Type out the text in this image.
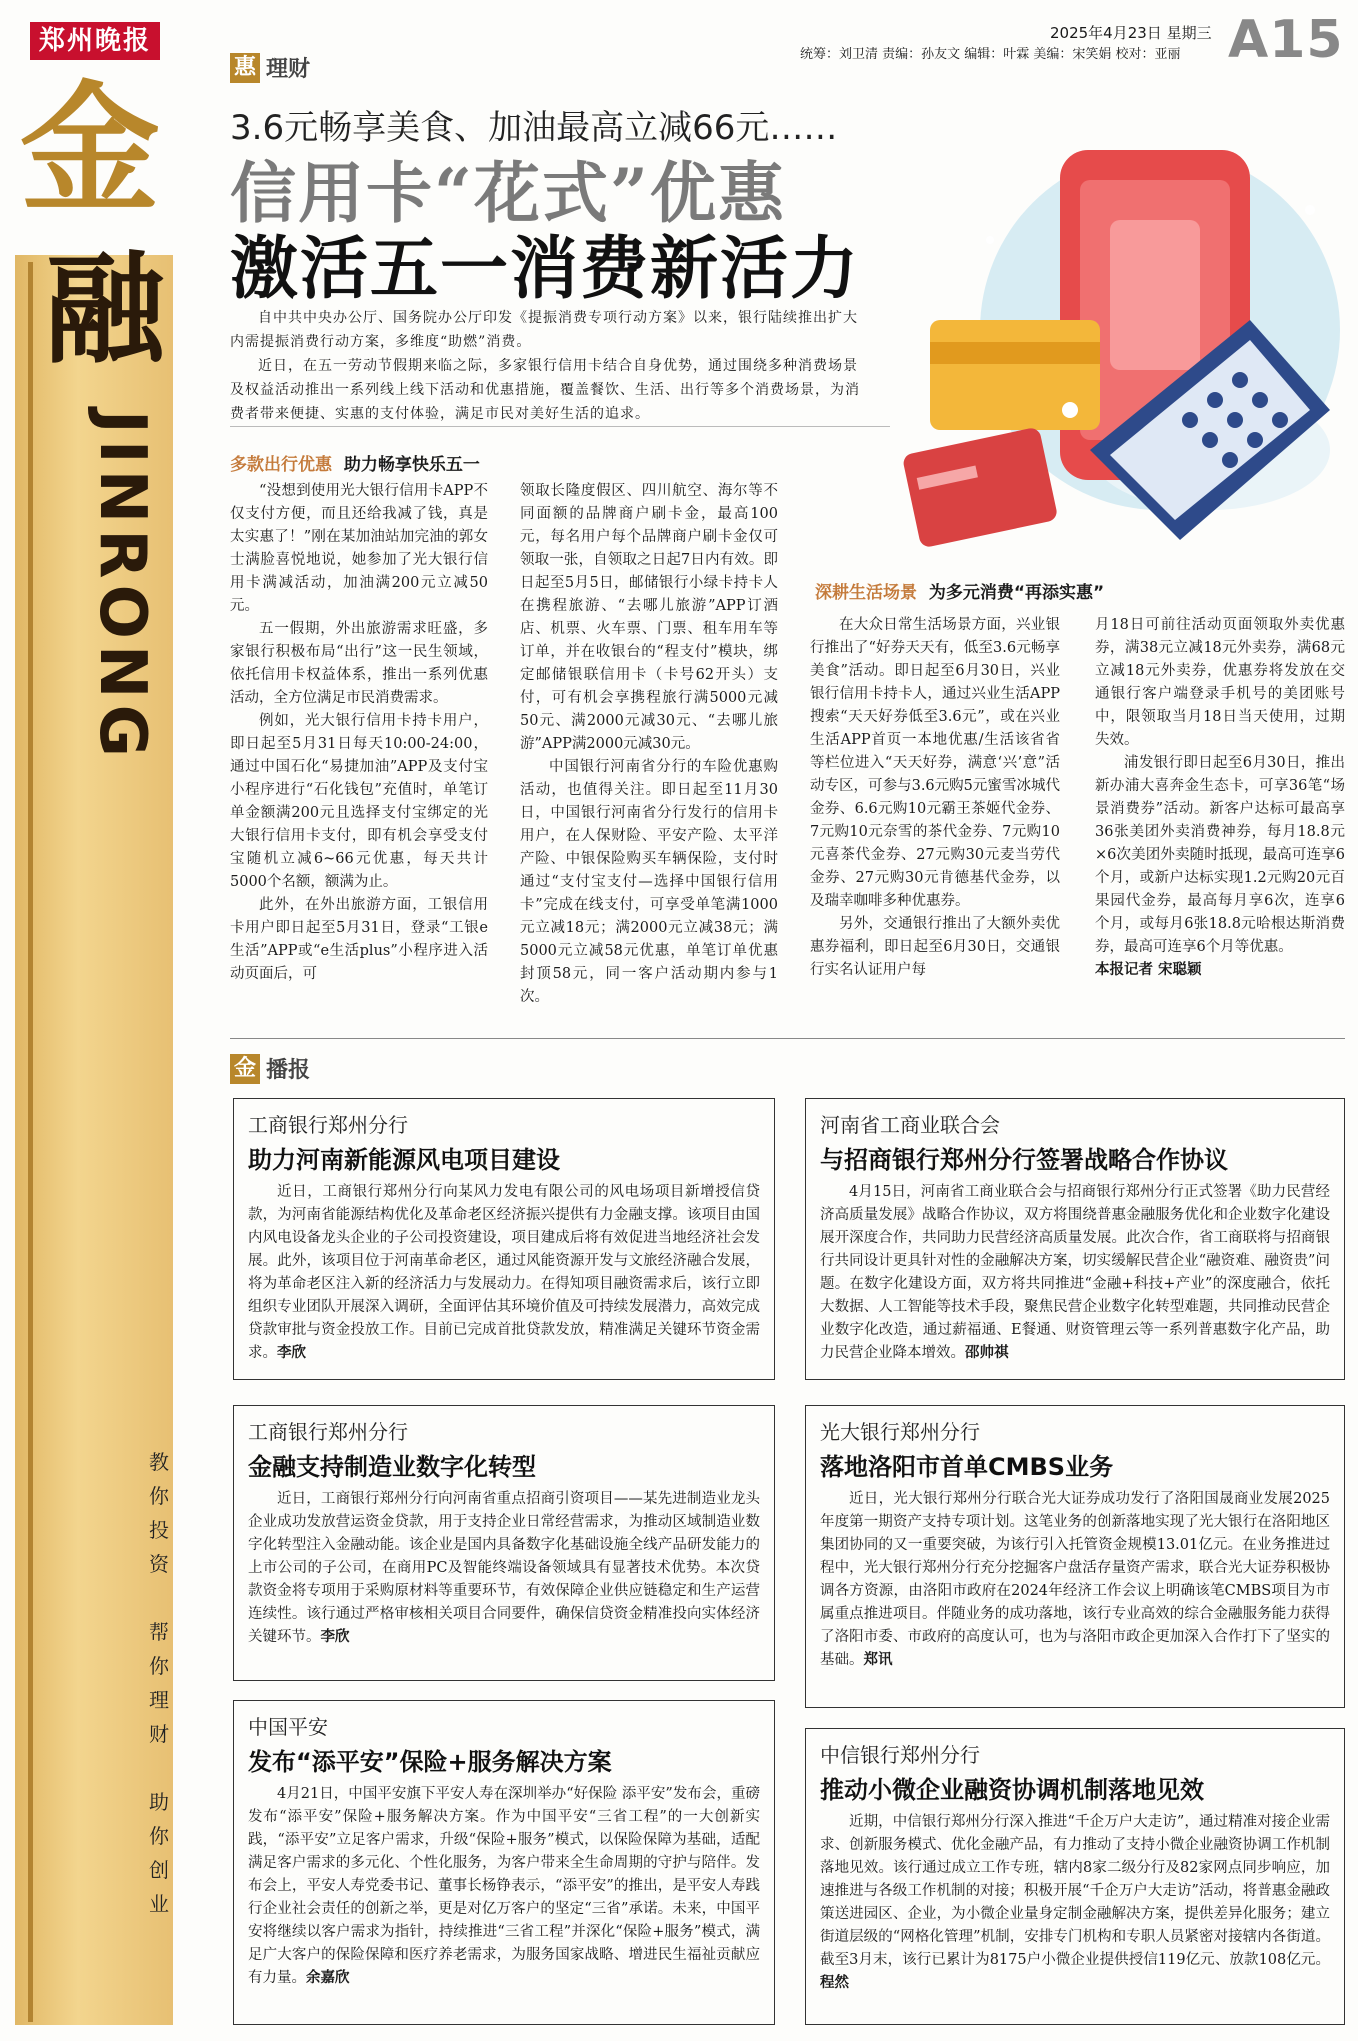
郑州晚报	2025年4月23日 星期三
统筹：刘卫清 责编：孙友文 编辑：叶霖 美编：宋笑娟 校对：亚丽 A15
金
融
JINRONG
教
你
投
资

帮
你
理
财

助
你
创
业
惠 理财
3.6元畅享美食、加油最高立减66元……
信用卡“花式”优惠
激活五一消费新活力

自中共中央办公厅、国务院办公厅印发《提振消费专项行动方案》以来，银行陆续推出扩大内需提振消费行动方案，多维度“助燃”消费。

近日，在五一劳动节假期来临之际，多家银行信用卡结合自身优势，通过围绕多种消费场景及权益活动推出一系列线上线下活动和优惠措施，覆盖餐饮、生活、出行等多个消费场景，为消费者带来便捷、实惠的支付体验，满足市民对美好生活的追求。

多款出行优惠 助力畅享快乐五一

“没想到使用光大银行信用卡APP不仅支付方便，而且还给我减了钱，真是太实惠了！”刚在某加油站加完油的郭女士满脸喜悦地说，她参加了光大银行信用卡满减活动，加油满200元立减50元。

五一假期，外出旅游需求旺盛，多家银行积极布局“出行”这一民生领域，依托信用卡权益体系，推出一系列优惠活动，全方位满足市民消费需求。

例如，光大银行信用卡持卡用户，即日起至5月31日每天10:00-24:00，通过中国石化“易捷加油”APP及支付宝小程序进行“石化钱包”充值时，单笔订单金额满200元且选择支付宝绑定的光大银行信用卡支付，即有机会享受支付宝随机立减6~66元优惠，每天共计5000个名额，额满为止。

此外，在外出旅游方面，工银信用卡用户即日起至5月31日，登录“工银e生活”APP或“e生活plus”小程序进入活动页面后，可

领取长隆度假区、四川航空、海尔等不同面额的品牌商户刷卡金，最高100元，每名用户每个品牌商户刷卡金仅可领取一张，自领取之日起7日内有效。即日起至5月5日，邮储银行小绿卡持卡人在携程旅游、“去哪儿旅游”APP订酒店、机票、火车票、门票、租车用车等订单，并在收银台的“程支付”模块，绑定邮储银联信用卡（卡号62开头）支付，可有机会享携程旅行满5000元减50元、满2000元减30元、“去哪儿旅游”APP满2000元减30元。

中国银行河南省分行的车险优惠购活动，也值得关注。即日起至11月30日，中国银行河南省分行发行的信用卡用户，在人保财险、平安产险、太平洋产险、中银保险购买车辆保险，支付时通过“支付宝支付—选择中国银行信用卡”完成在线支付，可享受单笔满1000元立减18元；满2000元立减38元；满5000元立减58元优惠，单笔订单优惠封顶58元，同一客户活动期内参与1次。

深耕生活场景 为多元消费“再添实惠”

在大众日常生活场景方面，兴业银行推出了“好券天天有，低至3.6元畅享美食”活动。即日起至6月30日，兴业银行信用卡持卡人，通过兴业生活APP搜索“天天好券低至3.6元”，或在兴业生活APP首页一本地优惠/生活该省省等栏位进入“天天好券，满意‘兴’意”活动专区，可参与3.6元购5元蜜雪冰城代金券、6.6元购10元霸王茶姬代金券、7元购10元奈雪的茶代金券、7元购10元喜茶代金券、27元购30元麦当劳代金券、27元购30元肯德基代金券，以及瑞幸咖啡多种优惠券。

另外，交通银行推出了大额外卖优惠券福利，即日起至6月30日，交通银行实名认证用户每

月18日可前往活动页面领取外卖优惠券，满38元立减18元外卖券，满68元立减18元外卖券，优惠券将发放在交通银行客户端登录手机号的美团账号中，限领取当月18日当天使用，过期失效。

浦发银行即日起至6月30日，推出新办浦大喜奔金生态卡，可享36笔“场景消费券”活动。新客户达标可最高享36张美团外卖消费神券，每月18.8元×6次美团外卖随时抵现，最高可连享6个月，或新户达标实现1.2元购20元百果园代金券，最高每月享6次，连享6个月，或每月6张18.8元哈根达斯消费券，最高可连享6个月等优惠。

本报记者 宋聪颖

金 播报
工商银行郑州分行
助力河南新能源风电项目建设
近日，工商银行郑州分行向某风力发电有限公司的风电场项目新增授信贷款，为河南省能源结构优化及革命老区经济振兴提供有力金融支撑。该项目由国内风电设备龙头企业的子公司投资建设，项目建成后将有效促进当地经济社会发展。此外，该项目位于河南革命老区，通过风能资源开发与文旅经济融合发展，将为革命老区注入新的经济活力与发展动力。在得知项目融资需求后，该行立即组织专业团队开展深入调研，全面评估其环境价值及可持续发展潜力，高效完成贷款审批与资金投放工作。目前已完成首批贷款发放，精准满足关键环节资金需求。李欣
河南省工商业联合会
与招商银行郑州分行签署战略合作协议
4月15日，河南省工商业联合会与招商银行郑州分行正式签署《助力民营经济高质量发展》战略合作协议，双方将围绕普惠金融服务优化和企业数字化建设展开深度合作，共同助力民营经济高质量发展。此次合作，省工商联将与招商银行共同设计更具针对性的金融解决方案，切实缓解民营企业“融资难、融资贵”问题。在数字化建设方面，双方将共同推进“金融+科技+产业”的深度融合，依托大数据、人工智能等技术手段，聚焦民营企业数字化转型难题，共同推动民营企业数字化改造，通过薪福通、E餐通、财资管理云等一系列普惠数字化产品，助力民营企业降本增效。邵帅祺
工商银行郑州分行
金融支持制造业数字化转型
近日，工商银行郑州分行向河南省重点招商引资项目——某先进制造业龙头企业成功发放营运资金贷款，用于支持企业日常经营需求，为推动区域制造业数字化转型注入金融动能。该企业是国内具备数字化基础设施全线产品研发能力的上市公司的子公司，在商用PC及智能终端设备领域具有显著技术优势。本次贷款资金将专项用于采购原材料等重要环节，有效保障企业供应链稳定和生产运营连续性。该行通过严格审核相关项目合同要件，确保信贷资金精准投向实体经济关键环节。李欣
光大银行郑州分行
落地洛阳市首单CMBS业务
近日，光大银行郑州分行联合光大证券成功发行了洛阳国晟商业发展2025年度第一期资产支持专项计划。这笔业务的创新落地实现了光大银行在洛阳地区集团协同的又一重要突破，为该行引入托管资金规模13.01亿元。在业务推进过程中，光大银行郑州分行充分挖掘客户盘活存量资产需求，联合光大证券积极协调各方资源，由洛阳市政府在2024年经济工作会议上明确该笔CMBS项目为市属重点推进项目。伴随业务的成功落地，该行专业高效的综合金融服务能力获得了洛阳市委、市政府的高度认可，也为与洛阳市政企更加深入合作打下了坚实的基础。郑讯
中国平安
发布“添平安”保险+服务解决方案
4月21日，中国平安旗下平安人寿在深圳举办“好保险 添平安”发布会，重磅发布“添平安”保险+服务解决方案。作为中国平安“三省工程”的一大创新实践，“添平安”立足客户需求，升级“保险+服务”模式，以保险保障为基础，适配满足客户需求的多元化、个性化服务，为客户带来全生命周期的守护与陪伴。发布会上，平安人寿党委书记、董事长杨铮表示，“添平安”的推出，是平安人寿践行企业社会责任的创新之举，更是对亿万客户的坚定“三省”承诺。未来，中国平安将继续以客户需求为指针，持续推进“三省工程”并深化“保险+服务”模式，满足广大客户的保险保障和医疗养老需求，为服务国家战略、增进民生福祉贡献应有力量。余嘉欣
中信银行郑州分行
推动小微企业融资协调机制落地见效
近期，中信银行郑州分行深入推进“千企万户大走访”，通过精准对接企业需求、创新服务模式、优化金融产品，有力推动了支持小微企业融资协调工作机制落地见效。该行通过成立工作专班，辖内8家二级分行及82家网点同步响应，加速推进与各级工作机制的对接；积极开展“千企万户大走访”活动，将普惠金融政策送进园区、企业，为小微企业量身定制金融解决方案，提供差异化服务；建立街道层级的“网格化管理”机制，安排专门机构和专职人员紧密对接辖内各街道。截至3月末，该行已累计为8175户小微企业提供授信119亿元、放款108亿元。程然
